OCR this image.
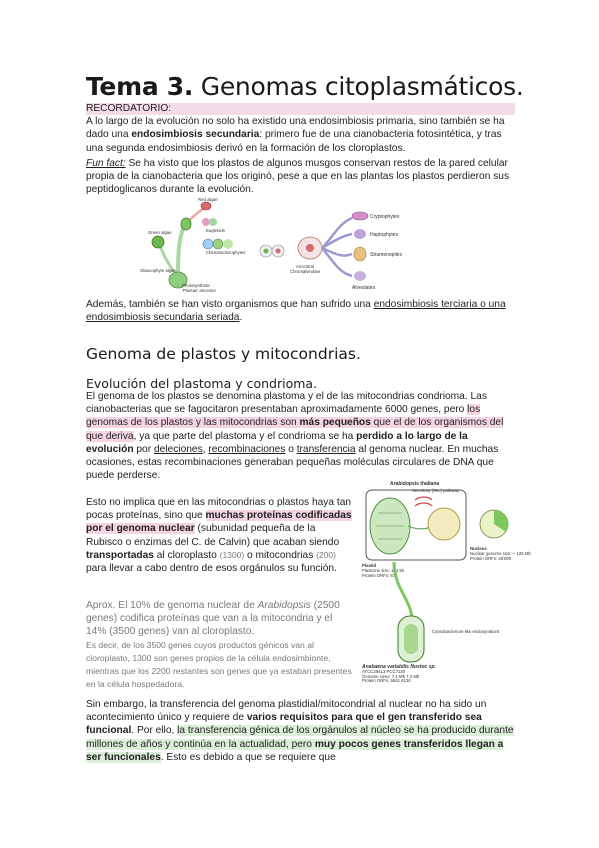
Tema 3. Genomas citoplasmáticos.
RECORDATORIO:
A lo largo de la evolución no solo ha existido una endosimbiosis primaria, sino también se ha dado una endosimbiosis secundaria: primero fue de una cianobacteria fotosintética, y tras una segunda endosimbiosis derivó en la formación de los cloroplastos.
Fun fact: Se ha visto que los plastos de algunos musgos conservan restos de la pared celular propia de la cianobacteria que los originó, pese a que en las plantas los plastos perdieron sus peptidoglicanos durante la evolución.
Red algae
Green algae	Euglenids
Chlorarachniophytes
Glaucophyte algae
Photosynthetic
'Plantae' ancestor
Cryptophytes
Haptophytes
Stramenopiles
Alveolates
Ancestral
Chromalveolate
Además, también se han visto organismos que han sufrido una endosimbiosis terciaria o una endosimbiosis secundaria seriada.
Genoma de plastos y mitocondrias.
Evolución del plastoma y condrioma.
El genoma de los plastos se denomina plastoma y el de las mitocondrias condrioma. Las cianobacterias que se fagocitaron presentaban aproximadamente 6000 genes, pero los genomas de los plastos y las mitocondrias son más pequeños que el de los organismos del que deriva, ya que parte del plastoma y el condrioma se ha perdido a lo largo de la evolución por deleciones, recombinaciones o transferencia al genoma nuclear. En muchas ocasiones, estas recombinaciones generaban pequeñas moléculas circulares de DNA que puede perderse.
Esto no implica que en las mitocondrias o plastos haya tan pocas proteínas, sino que muchas proteínas codificadas por el genoma nuclear (subunidad pequeña de la Rubisco o enzimas del C. de Calvin) que acaban siendo transportadas al cloroplasto (1300) o mitocondrias (200) para llevar a cabo dentro de esos orgánulos su función.
Aprox. El 10% de genoma nuclear de Arabidopsis (2500 genes) codifica proteínas que van a la mitocondria y el 14% (3500 genes) van al cloroplasto.
Es decir, de los 3500 genes cuyos productos génicos van al cloroplasto, 1300 son genes propios de la célula endosimbionte, mientras que los 2200 restantes son genes que ya estaban presentes en la célula hospedadora.
Arabidopsis thaliana
Secretory (Sec) pathway
Plastid
Plastome size: 154 kb
Protein ORFs: 87
Nucleus
Nuclear genome size: ~ 125 Mb
Protein ORFs: 25'000
Cyanobacterium-like endosymbiont
Anabaena variabilis Nostoc sp.
ATCC29413 PCC7120
Genome sizes: 7.1 Mb 7.2 Mb
Protein ORFs: 5661 6130
Sin embargo, la transferencia del genoma plastidial/mitocondrial al nuclear no ha sido un acontecimiento único y requiere de varios requisitos para que el gen transferido sea funcional. Por ello, la transferencia génica de los orgánulos al núcleo se ha producido durante millones de años y continúa en la actualidad, pero muy pocos genes transferidos llegan a ser funcionales. Esto es debido a que se requiere que
